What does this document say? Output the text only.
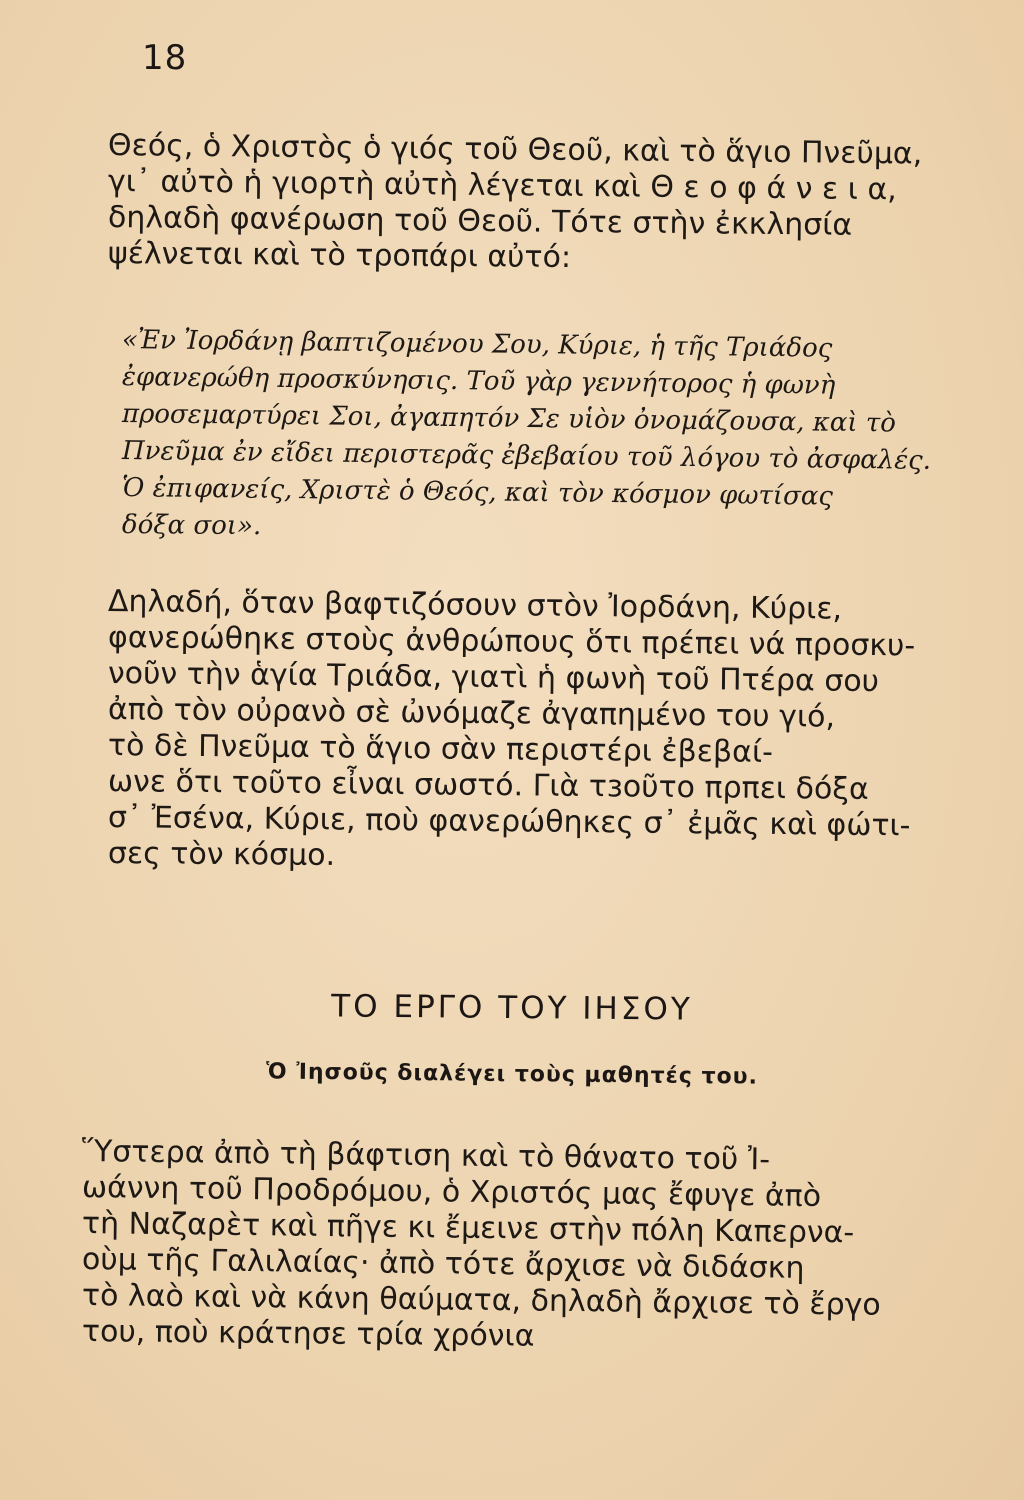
18
Θεός, ὁ Χριστὸς ὁ γιός τοῦ Θεοῦ, καὶ τὸ ἅγιο Πνεῦμα,
γι᾽ αὐτὸ ἡ γιορτὴ αὐτὴ λέγεται καὶ Θ ε ο φ ά ν ε ι α,
δηλαδὴ φανέρωση τοῦ Θεοῦ. Τότε στὴν ἐκκλησία
ψέλνεται καὶ τὸ τροπάρι αὐτό:
«Ἐν Ἰορδάνῃ βαπτιζομένου Σου, Κύριε, ἡ τῆς Τριάδος
ἐφανερώθη προσκύνησις. Τοῦ γὰρ γεννήτορος ἡ φωνὴ
προσεμαρτύρει Σοι, ἀγαπητόν Σε υἱὸν ὀνομάζουσα, καὶ τὸ
Πνεῦμα ἐν εἴδει περιστερᾶς ἐβεβαίου τοῦ λόγου τὸ ἀσφαλές.
Ὁ ἐπιφανείς, Χριστὲ ὁ Θεός, καὶ τὸν κόσμον φωτίσας
δόξα σοι».
Δηλαδή, ὅταν βαφτιζόσουν στὸν Ἰορδάνη, Κύριε,
φανερώθηκε στοὺς ἀνθρώπους ὅτι πρέπει νά προσκυ-
νοῦν τὴν ἁγία Τριάδα, γιατὶ ἡ φωνὴ τοῦ Πτέρα σου
ἀπὸ τὸν οὐρανὸ σὲ ὠνόμαζε ἀγαπημένο του γιό,
τὸ δὲ Πνεῦμα τὸ ἅγιο σὰν περιστέρι ἐβεβαί-
ωνε ὅτι τοῦτο εἶναι σωστό. Γιὰ τзοῦτο πρπει δόξα
σ᾽ Ἐσένα, Κύριε, ποὺ φανερώθηκες σ᾽ ἐμᾶς καὶ φώτι-
σες τὸν κόσμο.
ΤΟ ΕΡΓΟ ΤΟΥ ΙΗΣΟΥ
Ὁ Ἰησοῦς διαλέγει τοὺς μαθητές του.
Ὕστερα ἀπὸ τὴ βάφτιση καὶ τὸ θάνατο τοῦ Ἰ-
ωάννη τοῦ Προδρόμου, ὁ Χριστός μας ἔφυγε ἀπὸ
τὴ Ναζαρὲτ καὶ πῆγε κι ἔμεινε στὴν πόλη Καπερνα-
οὺμ τῆς Γαλιλαίας· ἀπὸ τότε ἄρχισε νὰ διδάσκη
τὸ λαὸ καὶ νὰ κάνη θαύματα, δηλαδὴ ἄρχισε τὸ ἔργο
του, ποὺ κράτησε τρία χρόνια
